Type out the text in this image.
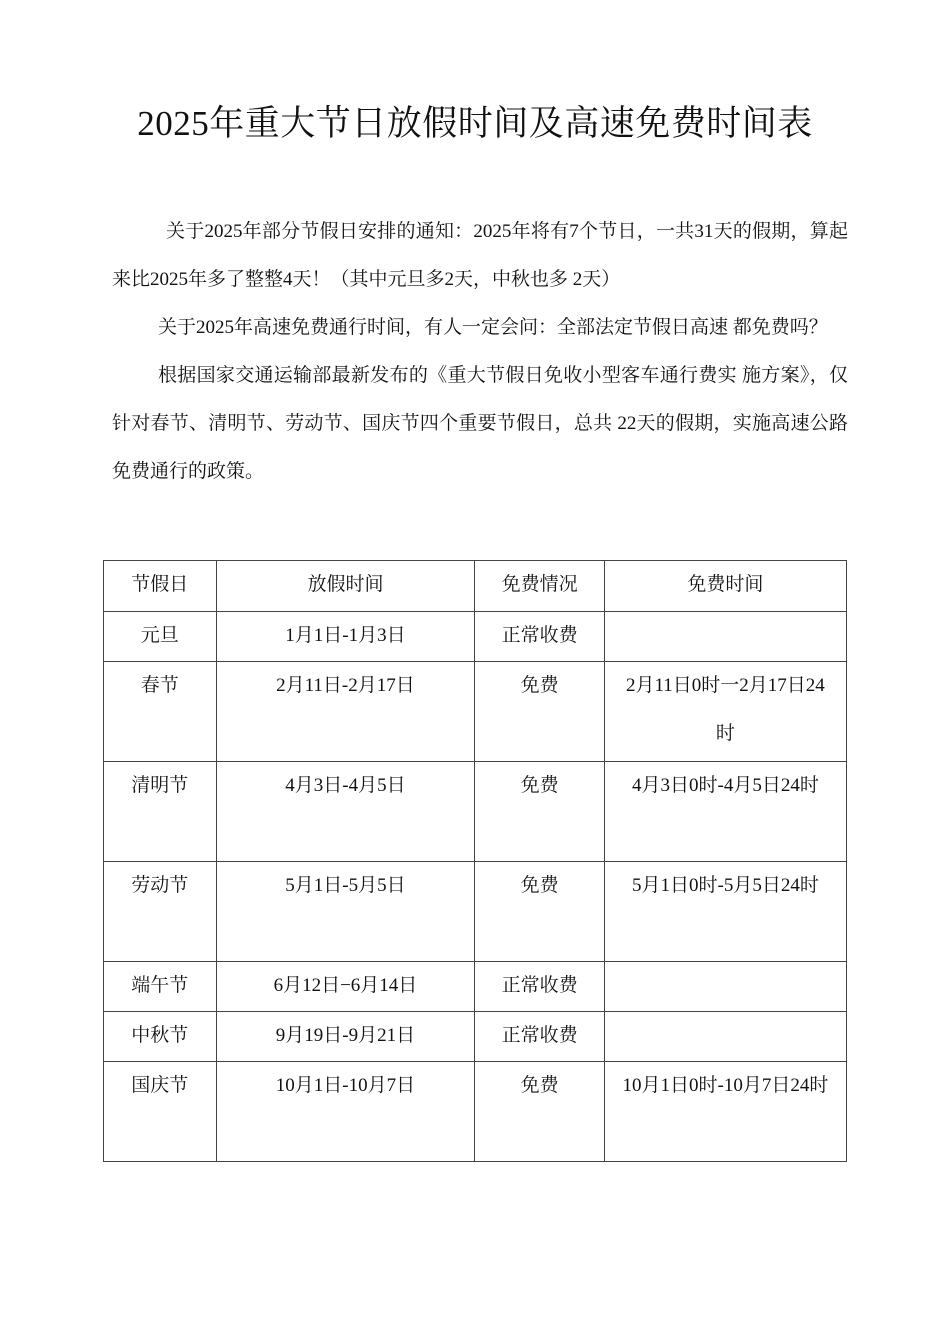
2025年重大节日放假时间及高速免费时间表

关于2025年部分节假日安排的通知：2025年将有7个节日，一共31天的假期，算起来比2025年多了整整4天！（其中元旦多2天，中秋也多 2天）

关于2025年高速免费通行时间，有人一定会问：全部法定节假日高速 都免费吗？

根据国家交通运输部最新发布的《重大节假日免收小型客车通行费实 施方案》，仅针对春节、清明节、劳动节、国庆节四个重要节假日，总共 22天的假期，实施高速公路免费通行的政策。

节假日	放假时间	免费情况	免费时间
元旦	1月1日-1月3日	正常收费	
春节	2月11日-2月17日	免费	2月11日0时一2月17日24时

清明节	4月3日-4月5日	免费	4月3日0时-4月5日24时

劳动节	5月1日-5月5日	免费	5月1日0时-5月5日24时

端午节	6月12日−6月14日	正常收费	
中秋节	9月19日-9月21日	正常收费	
国庆节	10月1日-10月7日	免费	10月1日0时-10月7日24时
